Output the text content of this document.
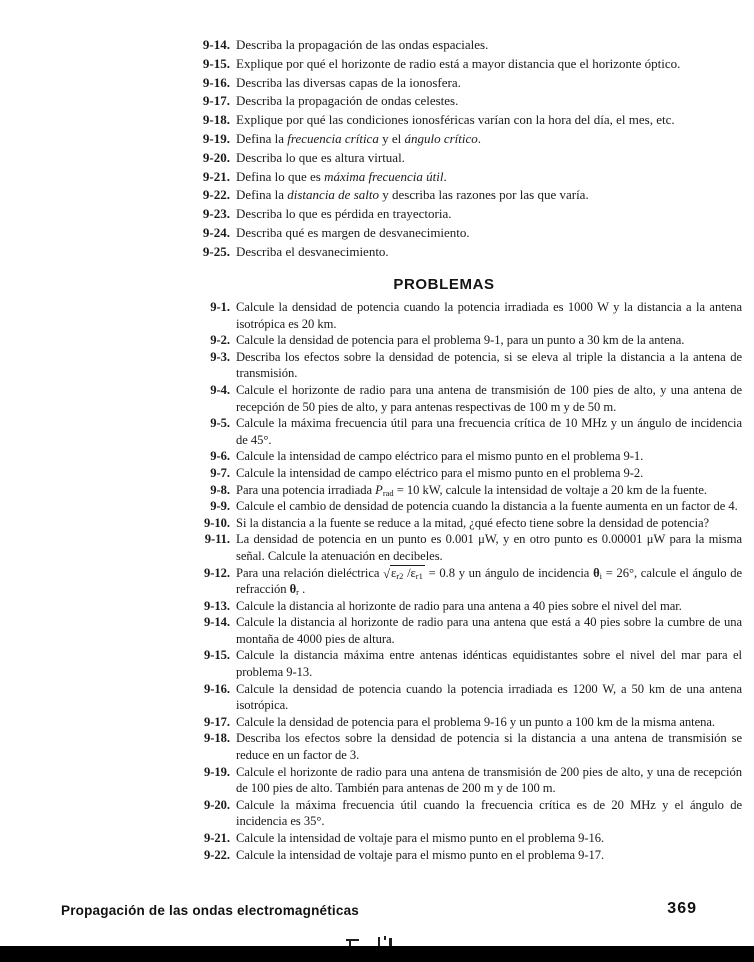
9-14. Describa la propagación de las ondas espaciales.
9-15. Explique por qué el horizonte de radio está a mayor distancia que el horizonte óptico.
9-16. Describa las diversas capas de la ionosfera.
9-17. Describa la propagación de ondas celestes.
9-18. Explique por qué las condiciones ionosféricas varían con la hora del día, el mes, etc.
9-19. Defina la frecuencia crítica y el ángulo crítico.
9-20. Describa lo que es altura virtual.
9-21. Defina lo que es máxima frecuencia útil.
9-22. Defina la distancia de salto y describa las razones por las que varía.
9-23. Describa lo que es pérdida en trayectoria.
9-24. Describa qué es margen de desvanecimiento.
9-25. Describa el desvanecimiento.
PROBLEMAS
9-1. Calcule la densidad de potencia cuando la potencia irradiada es 1000 W y la distancia a la antena isotrópica es 20 km.
9-2. Calcule la densidad de potencia para el problema 9-1, para un punto a 30 km de la antena.
9-3. Describa los efectos sobre la densidad de potencia, si se eleva al triple la distancia a la antena de transmisión.
9-4. Calcule el horizonte de radio para una antena de transmisión de 100 pies de alto, y una antena de recepción de 50 pies de alto, y para antenas respectivas de 100 m y de 50 m.
9-5. Calcule la máxima frecuencia útil para una frecuencia crítica de 10 MHz y un ángulo de incidencia de 45°.
9-6. Calcule la intensidad de campo eléctrico para el mismo punto en el problema 9-1.
9-7. Calcule la intensidad de campo eléctrico para el mismo punto en el problema 9-2.
9-8. Para una potencia irradiada $P_{rad} = 10$ kW, calcule la intensidad de voltaje a 20 km de la fuente.
9-9. Calcule el cambio de densidad de potencia cuando la distancia a la fuente aumenta en un factor de 4.
9-10. Si la distancia a la fuente se reduce a la mitad, ¿qué efecto tiene sobre la densidad de potencia?
9-11. La densidad de potencia en un punto es 0.001 μW, y en otro punto es 0.00001 μW para la misma señal. Calcule la atenuación en decibeles.
9-12. Para una relación dieléctrica $√\varepsilon_{r2}$ $/\varepsilon_{r1} = 0.8$ y un ángulo de incidencia $\theta_i = 26^\circ$, calcule el ángulo de refracción $\theta_r$ .
9-13. Calcule la distancia al horizonte de radio para una antena a 40 pies sobre el nivel del mar.
9-14. Calcule la distancia al horizonte de radio para una antena que está a 40 pies sobre la cumbre de una montaña de 4000 pies de altura.
9-15. Calcule la distancia máxima entre antenas idénticas equidistantes sobre el nivel del mar para el problema 9-13.
9-16. Calcule la densidad de potencia cuando la potencia irradiada es 1200 W, a 50 km de una antena isotrópica.
9-17. Calcule la densidad de potencia para el problema 9-16 y un punto a 100 km de la misma antena.
9-18. Describa los efectos sobre la densidad de potencia si la distancia a una antena de transmisión se reduce en un factor de 3.
9-19. Calcule el horizonte de radio para una antena de transmisión de 200 pies de alto, y una de recepción de 100 pies de alto. También para antenas de 200 m y de 100 m.
9-20. Calcule la máxima frecuencia útil cuando la frecuencia crítica es de 20 MHz y el ángulo de incidencia es 35°.
9-21. Calcule la intensidad de voltaje para el mismo punto en el problema 9-16.
9-22. Calcule la intensidad de voltaje para el mismo punto en el problema 9-17.
Propagación de las ondas electromagnéticas	369
